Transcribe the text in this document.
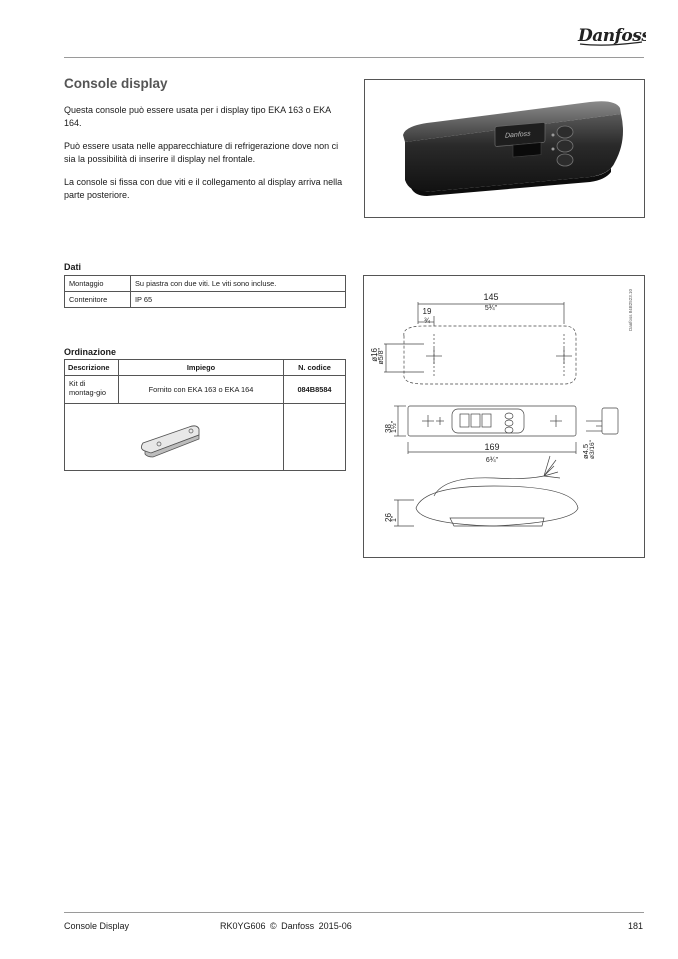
Danfoss
Console display

Questa console può essere usata per i display tipo EKA 163 o EKA 164.

Può essere usata nelle apparecchiature di refrigerazione dove non ci sia la possibilità di inserire il display nel frontale.

La console si fissa con due viti e il collegamento al display arriva nella parte posteriore.

Danfoss
Dati
Montaggio	Su piastra con due viti. Le viti sono incluse.
Contenitore	IP 65
Ordinazione
Descrizione	Impiego	N. codice
Kit di montag-gio	Fornito con EKA 163 o EKA 164	084B8584

145
5¾"
19
¾
ø16 ø5/8"
38
1½"
169
6¾"
ø4.5 ø3/16"
26
1"
Danfoss 84B2523.10
Console Display	RK0YG606 © Danfoss 2015-06	181
